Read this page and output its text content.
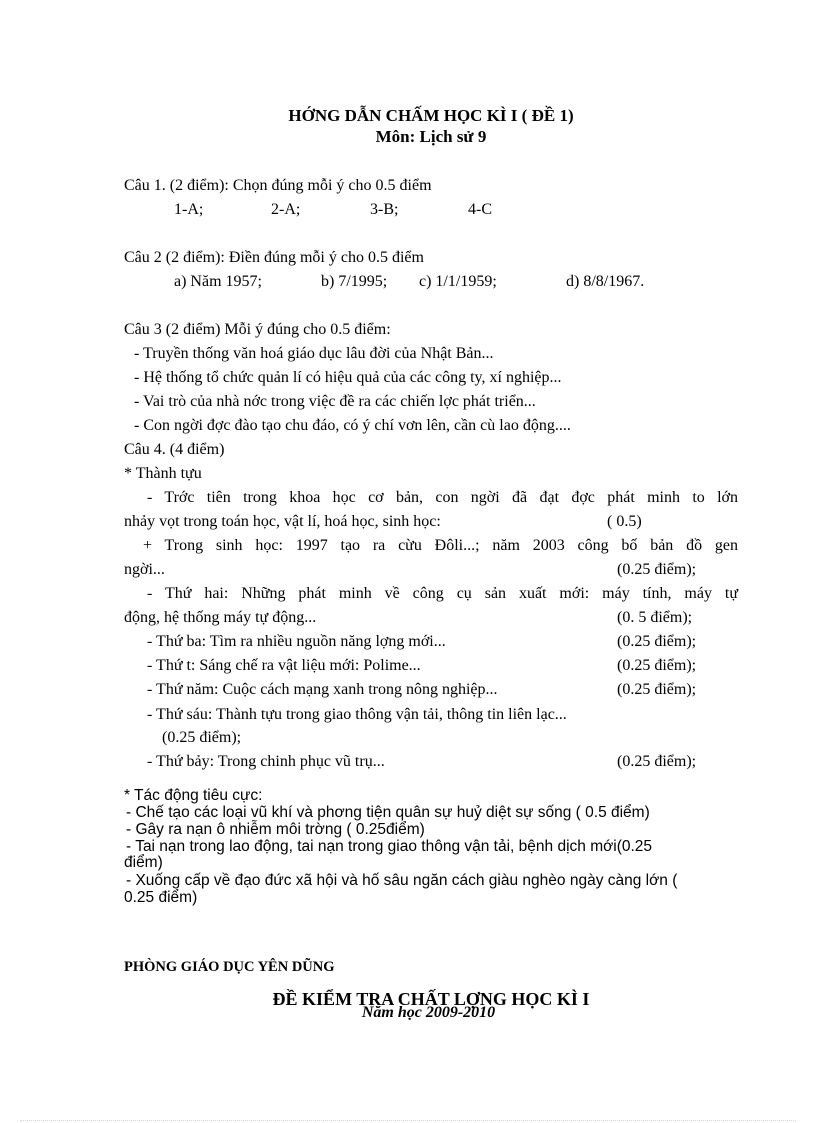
HỚNG DẪN CHẤM HỌC KÌ I ( ĐỀ 1)
Môn: Lịch sử 9
Câu 1. (2 điểm): Chọn đúng mỗi ý cho 0.5 điểm
1-A;	2-A;	3-B;	4-C
Câu 2 (2 điểm): Điền đúng mỗi ý cho 0.5 điểm
a) Năm 1957;	b) 7/1995; c) 1/1/1959;	d) 8/8/1967.
Câu 3 (2 điểm) Mỗi ý đúng cho 0.5 điểm:
- Truyền thống văn hoá giáo dục lâu đời của Nhật Bản...
- Hệ thống tổ chức quản lí có hiệu quả của các công ty, xí nghiệp...
- Vai trò của nhà nớc trong việc đề ra các chiến lợc phát triển...
- Con ngời đợc đào tạo chu đáo, có ý chí vơn lên, cần cù lao động....
Câu 4. (4 điểm)
* Thành tựu
- Trớc tiên trong khoa học cơ bản, con ngời đã đạt đợc phát minh to lớn
nhảy vọt trong toán học, vật lí, hoá học, sinh học:	( 0.5)
+ Trong sinh học: 1997 tạo ra cừu Đôli...; năm 2003 công bố bản đồ gen
ngời...	(0.25 điểm);
- Thứ hai: Những phát minh về công cụ sản xuất mới: máy tính, máy tự
động, hệ thống máy tự động...	(0. 5 điểm);
- Thứ ba: Tìm ra nhiều nguồn năng lợng mới...	(0.25 điểm);
- Thứ t: Sáng chế ra vật liệu mới: Polime...	(0.25 điểm);
- Thứ năm: Cuộc cách mạng xanh trong nông nghiệp...	(0.25 điểm);
- Thứ sáu: Thành tựu trong giao thông vận tải, thông tin liên lạc...
(0.25 điểm);
- Thứ bảy: Trong chinh phục vũ trụ...	(0.25 điểm);
* Tác động tiêu cực:
- Chế tạo các loại vũ khí và phơng tiện quân sự huỷ diệt sự sống ( 0.5 điểm)
- Gây ra nạn ô nhiễm môi trờng ( 0.25điểm)
- Tai nạn trong lao động, tai nạn trong giao thông vận tải, bệnh dịch mới(0.25
điểm)
- Xuống cấp về đạo đức xã hội và hố sâu ngăn cách giàu nghèo ngày càng lớn (
0.25 điểm)
PHÒNG GIÁO DỤC YÊN DŨNG
ĐỀ KIỂM TRA CHẤT LỢNG HỌC KÌ I
Năm học 2009-2010
